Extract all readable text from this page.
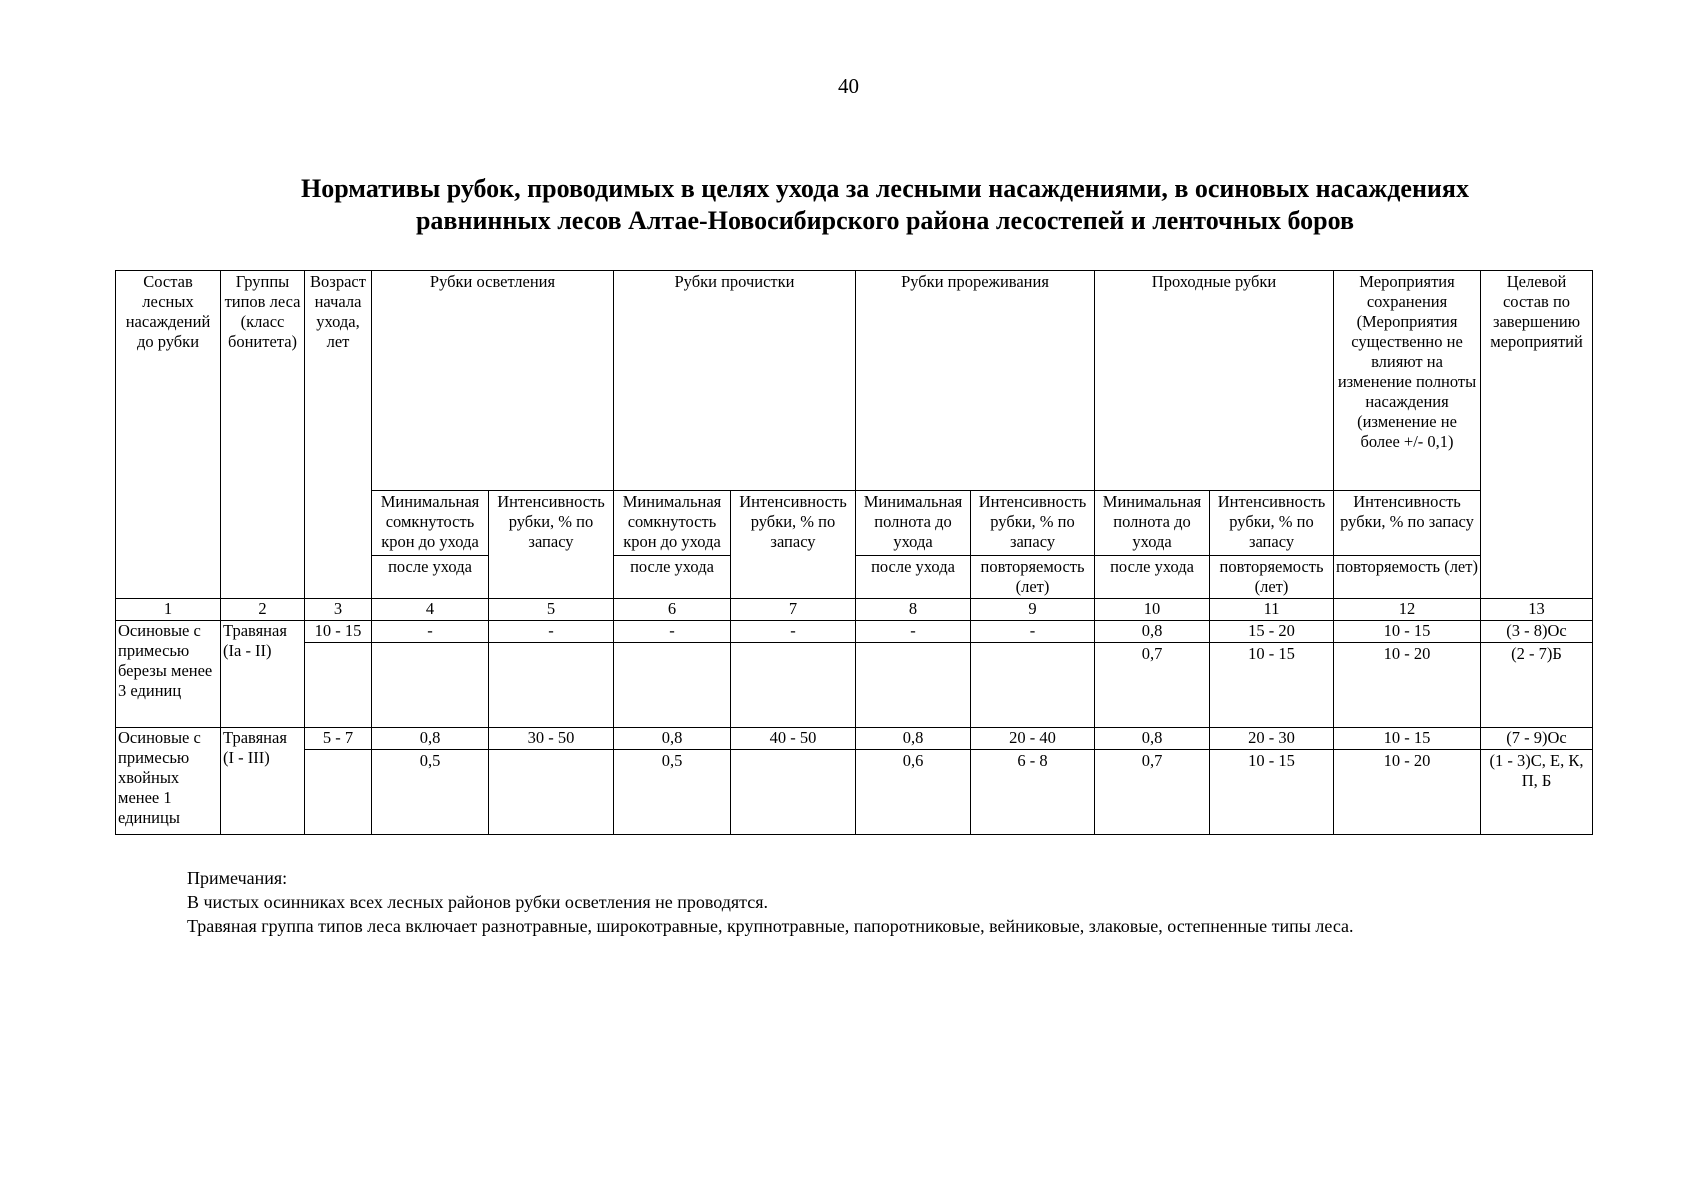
40
Нормативы рубок, проводимых в целях ухода за лесными насаждениями, в осиновых насаждениях
равнинных лесов Алтае-Новосибирского района лесостепей и ленточных боров
Состав лесных насаждений до рубки	Группы типов леса (класс бонитета)	Возраст начала ухода, лет	Рубки осветления		Рубки прочистки		Рубки прореживания		Проходные рубки		Мероприятия сохранения (Мероприятия существенно не влияют на изменение полноты насаждения (изменение не более +/- 0,1)	Целевой состав по завершению мероприятий
			Минимальная сомкнутость крон до ухода	Интенсивность рубки, % по запасу	Минимальная сомкнутость крон до ухода	Интенсивность рубки, % по запасу	Минимальная полнота до ухода	Интенсивность рубки, % по запасу	Минимальная полнота до ухода	Интенсивность рубки, % по запасу	Интенсивность рубки, % по запасу	
			после ухода		после ухода		после ухода	повторяемость (лет)	после ухода	повторяемость (лет)	повторяемость (лет)	
1	2	3	4	5	6	7	8	9	10	11	12	13
Осиновые с примесью березы менее 3 единиц	Травяная (Ia - II)	10 - 15	-	-	-	-	-	-	0,8	15 - 20	10 - 15	(3 - 8)Ос
									0,7	10 - 15	10 - 20	(2 - 7)Б
Осиновые с примесью хвойных менее 1 единицы	Травяная (I - III)	5 - 7	0,8	30 - 50	0,8	40 - 50	0,8	20 - 40	0,8	20 - 30	10 - 15	(7 - 9)Ос
			0,5		0,5		0,6	6 - 8	0,7	10 - 15	10 - 20	(1 - 3)С, Е, К, П, Б
Примечания:
В чистых осинниках всех лесных районов рубки осветления не проводятся.
Травяная группа типов леса включает разнотравные, широкотравные, крупнотравные, папоротниковые, вейниковые, злаковые, остепненные типы леса.
